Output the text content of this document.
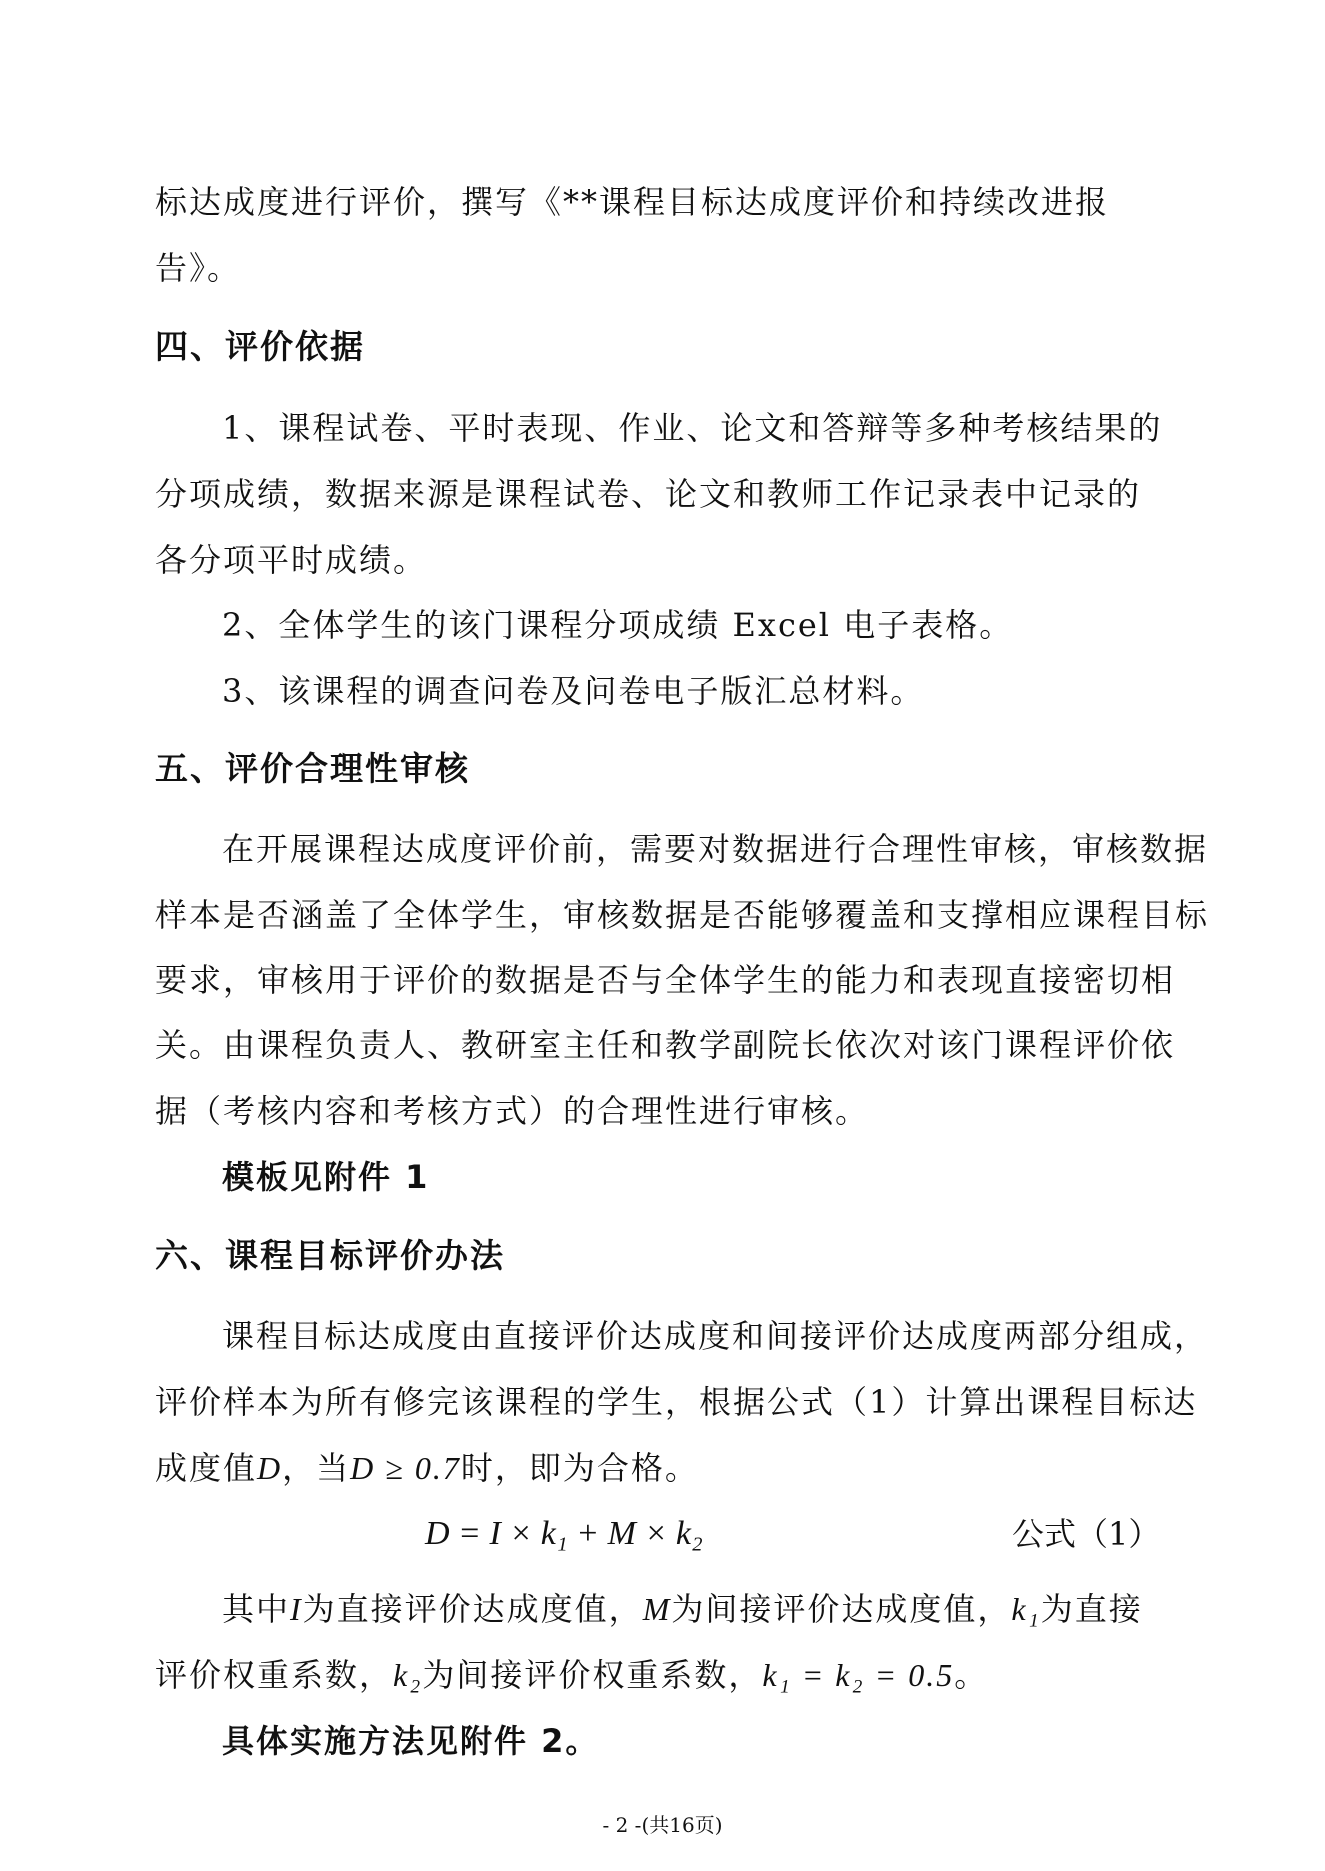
标达成度进行评价，撰写《**课程目标达成度评价和持续改进报
告》。
四、评价依据
1、课程试卷、平时表现、作业、论文和答辩等多种考核结果的
分项成绩，数据来源是课程试卷、论文和教师工作记录表中记录的
各分项平时成绩。
2、全体学生的该门课程分项成绩 Excel 电子表格。
3、该课程的调查问卷及问卷电子版汇总材料。
五、评价合理性审核
在开展课程达成度评价前，需要对数据进行合理性审核，审核数据
样本是否涵盖了全体学生，审核数据是否能够覆盖和支撑相应课程目标
要求，审核用于评价的数据是否与全体学生的能力和表现直接密切相
关。由课程负责人、教研室主任和教学副院长依次对该门课程评价依
据（考核内容和考核方式）的合理性进行审核。
模板见附件 1
六、课程目标评价办法
课程目标达成度由直接评价达成度和间接评价达成度两部分组成，
评价样本为所有修完该课程的学生，根据公式（1）计算出课程目标达
成度值D，当D ≥ 0.7时，即为合格。
D = I × k₁ + M × k₂	公式（1）
其中I为直接评价达成度值，M为间接评价达成度值，k₁为直接
评价权重系数，k₂为间接评价权重系数，k₁ = k₂ = 0.5。
具体实施方法见附件 2。
- 2 -(共16页)
